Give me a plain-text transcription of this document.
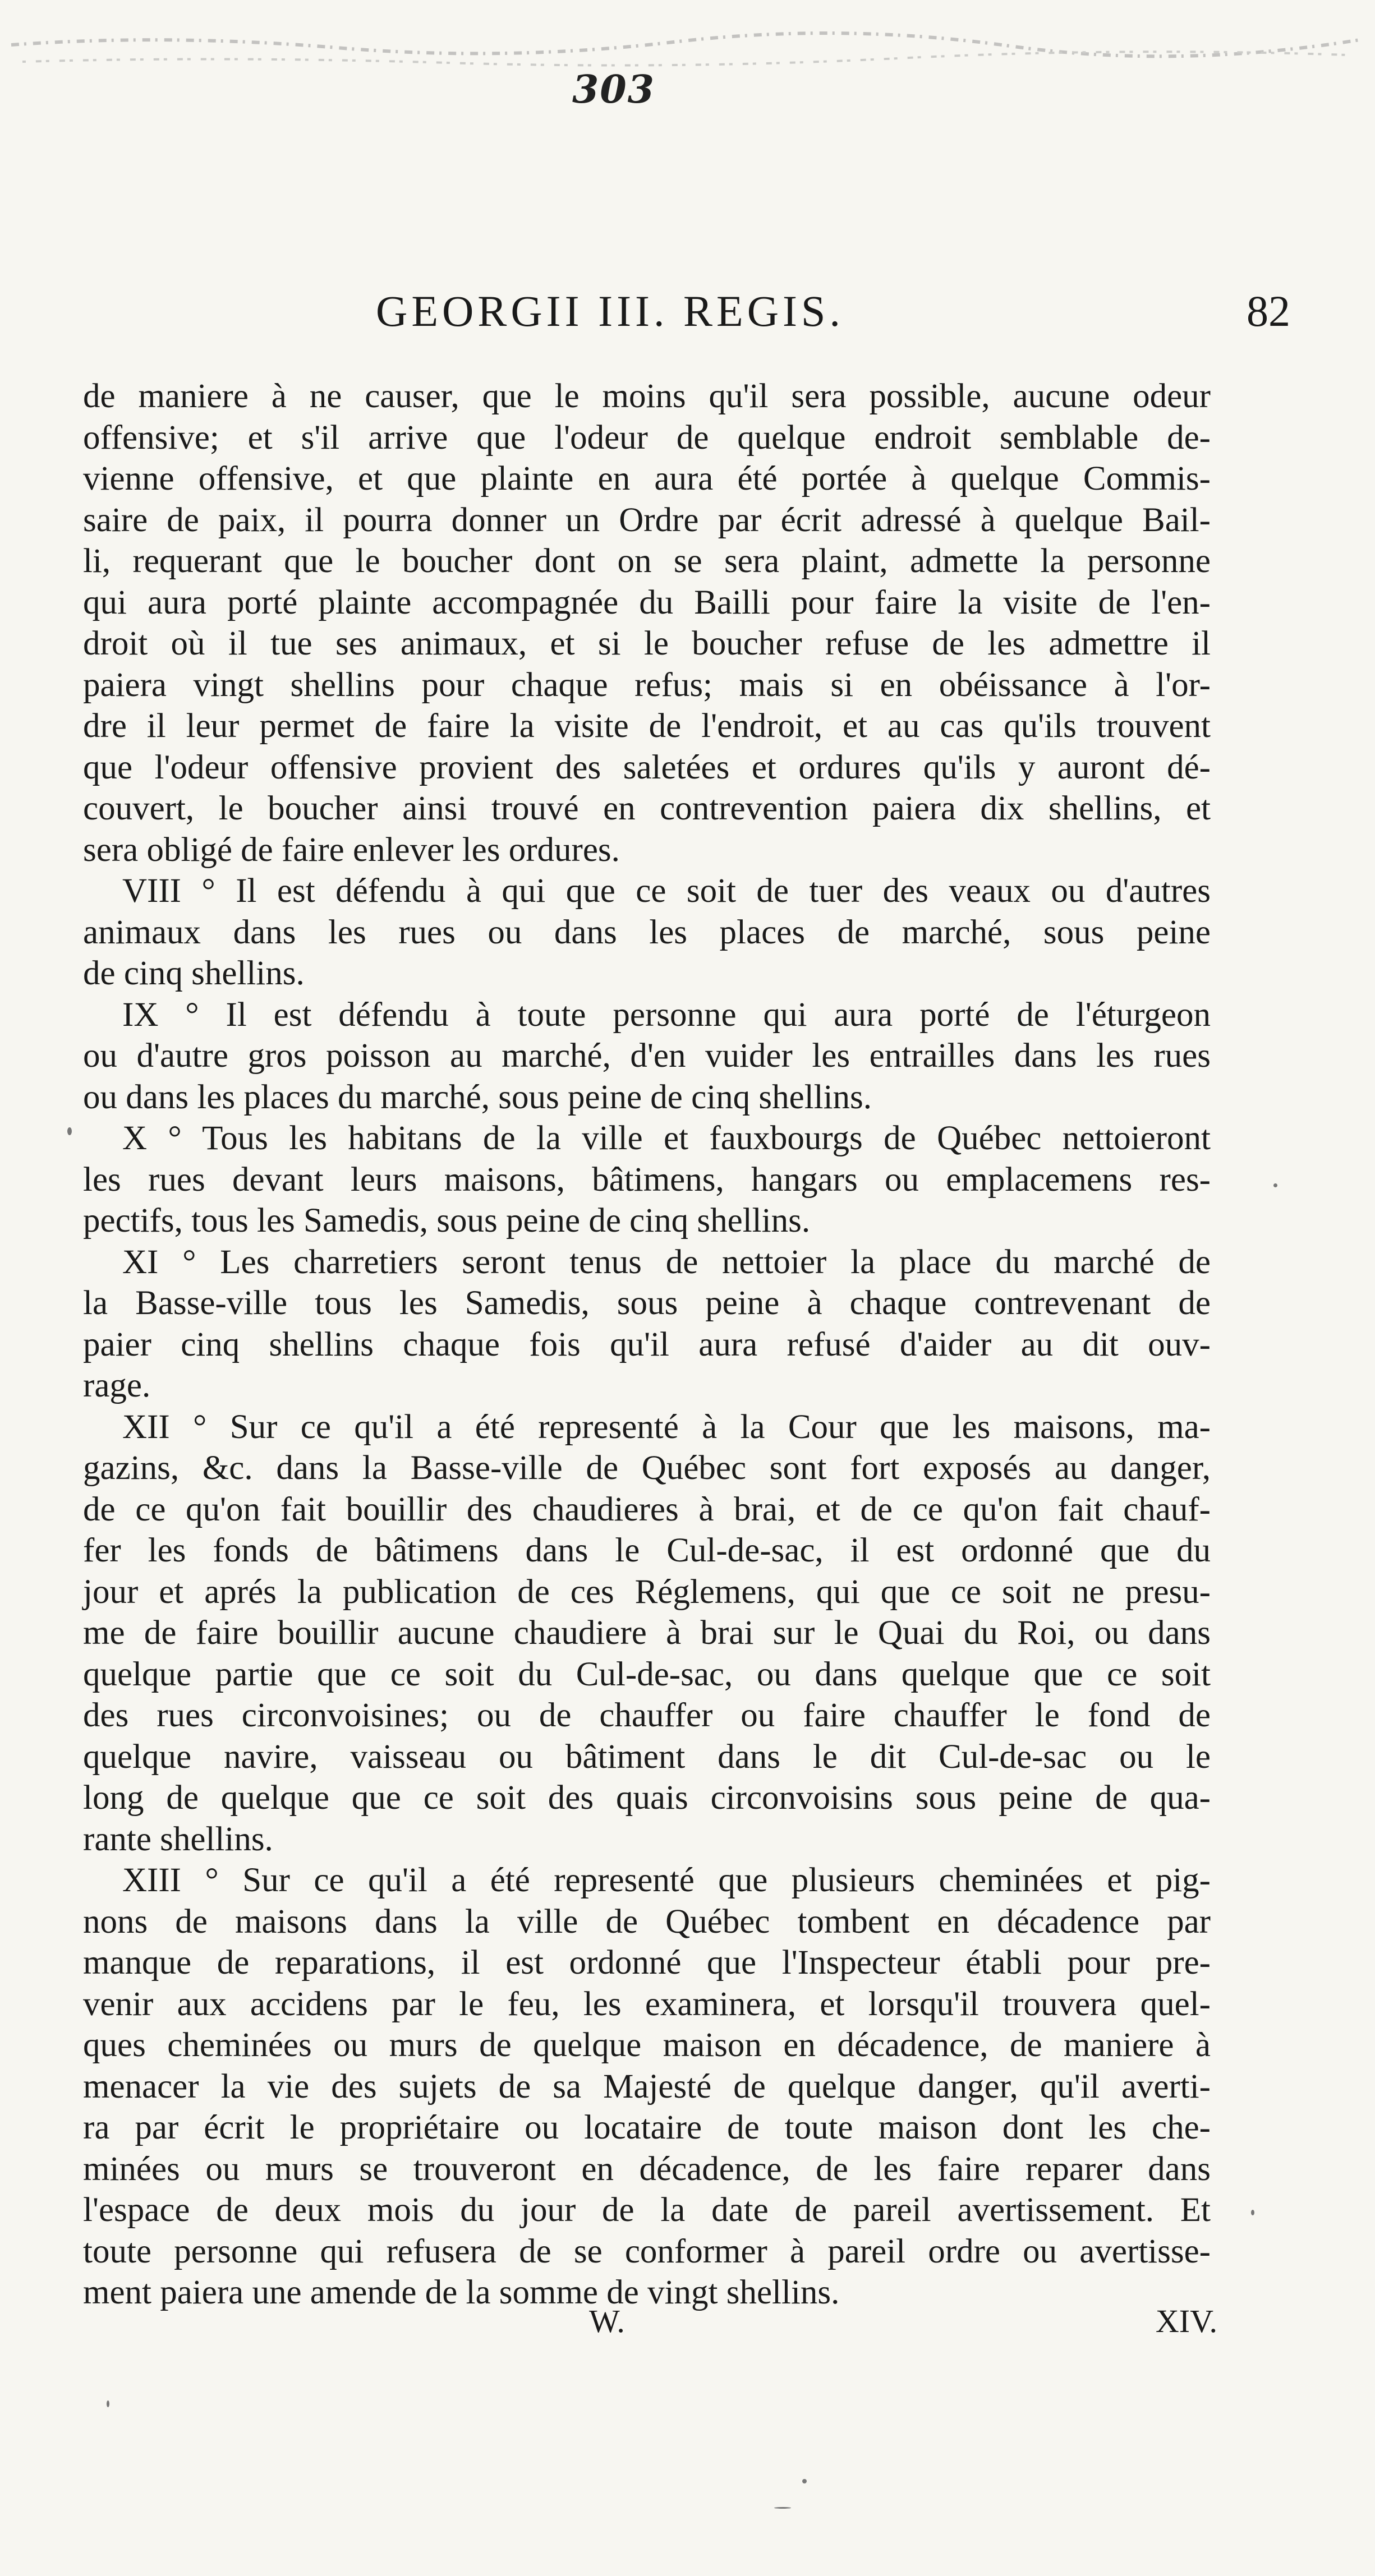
303
GEORGII III. REGIS.	82
de maniere à ne causer, que le moins qu'il sera possible, aucune odeur
offensive; et s'il arrive que l'odeur de quelque endroit semblable de-
vienne offensive, et que plainte en aura été portée à quelque Commis-
saire de paix, il pourra donner un Ordre par écrit adressé à quelque Bail-
li, requerant que le boucher dont on se sera plaint, admette la personne
qui aura porté plainte accompagnée du Bailli pour faire la visite de l'en-
droit où il tue ses animaux, et si le boucher refuse de les admettre il
paiera vingt shellins pour chaque refus; mais si en obéissance à l'or-
dre il leur permet de faire la visite de l'endroit, et au cas qu'ils trouvent
que l'odeur offensive provient des saletées et ordures qu'ils y auront dé-
couvert, le boucher ainsi trouvé en contrevention paiera dix shellins, et
sera obligé de faire enlever les ordures.
VIII ° Il est défendu à qui que ce soit de tuer des veaux ou d'autres
animaux dans les rues ou dans les places de marché, sous peine
de cinq shellins.
IX ° Il est défendu à toute personne qui aura porté de l'éturgeon
ou d'autre gros poisson au marché, d'en vuider les entrailles dans les rues
ou dans les places du marché, sous peine de cinq shellins.
X ° Tous les habitans de la ville et fauxbourgs de Québec nettoieront
les rues devant leurs maisons, bâtimens, hangars ou emplacemens res-
pectifs, tous les Samedis, sous peine de cinq shellins.
XI ° Les charretiers seront tenus de nettoier la place du marché de
la Basse-ville tous les Samedis, sous peine à chaque contrevenant de
paier cinq shellins chaque fois qu'il aura refusé d'aider au dit ouv-
rage.
XII ° Sur ce qu'il a été representé à la Cour que les maisons, ma-
gazins, &c. dans la Basse-ville de Québec sont fort exposés au danger,
de ce qu'on fait bouillir des chaudieres à brai, et de ce qu'on fait chauf-
fer les fonds de bâtimens dans le Cul-de-sac, il est ordonné que du
jour et aprés la publication de ces Réglemens, qui que ce soit ne presu-
me de faire bouillir aucune chaudiere à brai sur le Quai du Roi, ou dans
quelque partie que ce soit du Cul-de-sac, ou dans quelque que ce soit
des rues circonvoisines; ou de chauffer ou faire chauffer le fond de
quelque navire, vaisseau ou bâtiment dans le dit Cul-de-sac ou le
long de quelque que ce soit des quais circonvoisins sous peine de qua-
rante shellins.
XIII ° Sur ce qu'il a été representé que plusieurs cheminées et pig-
nons de maisons dans la ville de Québec tombent en décadence par
manque de reparations, il est ordonné que l'Inspecteur établi pour pre-
venir aux accidens par le feu, les examinera, et lorsqu'il trouvera quel-
ques cheminées ou murs de quelque maison en décadence, de maniere à
menacer la vie des sujets de sa Majesté de quelque danger, qu'il averti-
ra par écrit le propriétaire ou locataire de toute maison dont les che-
minées ou murs se trouveront en décadence, de les faire reparer dans
l'espace de deux mois du jour de la date de pareil avertissement. Et
toute personne qui refusera de se conformer à pareil ordre ou avertisse-
ment paiera une amende de la somme de vingt shellins.
W.	XIV.
